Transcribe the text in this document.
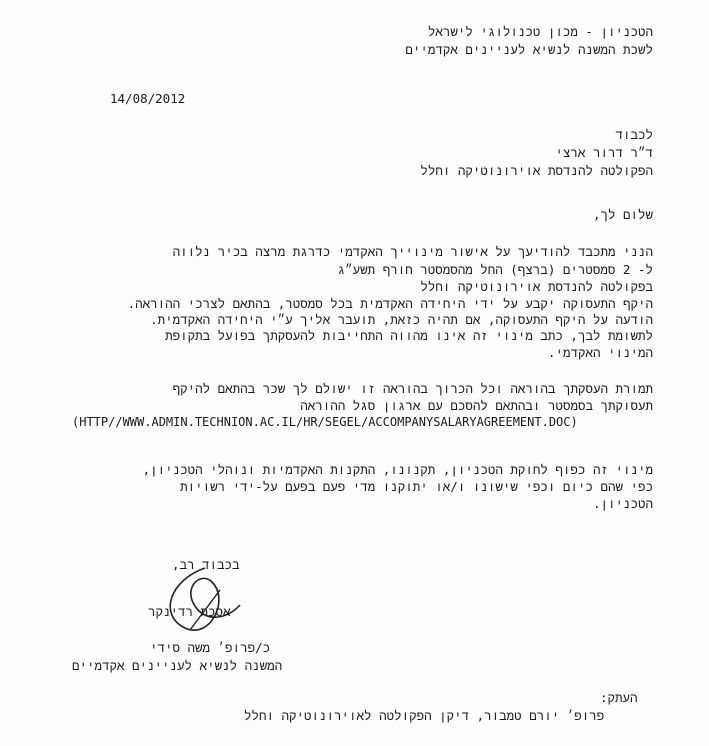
הטכניון - מכון טכנולוגי לישראל
לשכת המשנה לנשיא לעניינים אקדמיים
14/08/2012
לכבוד
ד״ר דרור ארצי
הפקולטה להנדסת אוירונוטיקה וחלל
שלום לך,
הנני מתכבד להודיעך על אישור מינוייך האקדמי כדרגת מרצה בכיר נלווה
ל- 2 סמסטרים (ברצף) החל מהסמסטר חורף תשע״ג
בפקולטה להנדסת אוירונוטיקה וחלל
היקף התעסוקה יקבע על ידי היחידה האקדמית בכל סמסטר, בהתאם לצרכי ההוראה.
הודעה על היקף התעסוקה, אם תהיה כזאת, תועבר אליך ע״י היחידה האקדמית.
לתשומת לבך, כתב מינוי זה אינו מהווה התחייבות להעסקתך בפועל בתקופת
המינוי האקדמי.
תמורת העסקתך בהוראה וכל הכרוך בהוראה זו ישולם לך שכר בהתאם להיקף
תעסוקתך בסמסטר ובהתאם להסכם עם ארגון סגל ההוראה
(HTTP//WWW.ADMIN.TECHNION.AC.IL/HR/SEGEL/ACCOMPANYSALARYAGREEMENT.DOC)
מינוי זה כפוף לחוקת הטכניון, תקנונו, התקנות האקדמיות ונוהלי הטכניון,
כפי שהם כיום וכפי שישונו ו/או יתוקנו מדי פעם בפעם על-ידי רשויות
הטכניון.
בכבוד רב,
אסכת רדינקר
כ/פרופ׳ משה סידי
המשנה לנשיא לעניינים אקדמיים
העתק:
פרופ׳ יורם טמבור, דיקן הפקולטה לאוירונוטיקה וחלל
